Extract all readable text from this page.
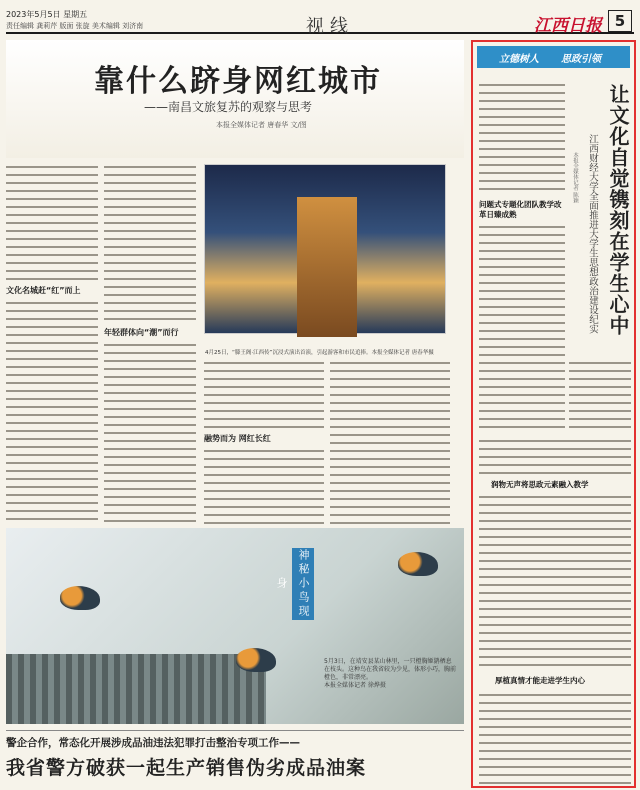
2023年5月5日 星期五
责任编辑 龚莉芹 版面 张旋 美术编辑 刘济南	视线	江西日报 5
靠什么跻身网红城市
——南昌文旅复苏的观察与思考
本报全媒体记者 唐春华 文/图
文化名城赶“红”而上
年轻群体向“潮”而行
4月25日，“滕王阁·江西传”沉浸式演出首演，引起游客和市民追捧。本报全媒体记者 唐春华摄
融势而为 网红长红
神秘小鸟现身
5月3日，在靖安县某山林里，一只橙胸姬鹟栖息在枝头。这种鸟在我省较为少见，体形小巧，胸前橙色，非常漂亮。
本报全媒体记者 徐烨摄
警企合作，常态化开展涉成品油违法犯罪打击整治专项工作——
我省警方破获一起生产销售伪劣成品油案
立德树人 思政引领
让文化自觉镌刻在学生心中
江西财经大学全面推进大学生思想政治建设纪实
本报全媒体记者 陈颖
问题式专题化团队教学改革日臻成熟
润物无声将思政元素融入教学
厚植真情才能走进学生内心
